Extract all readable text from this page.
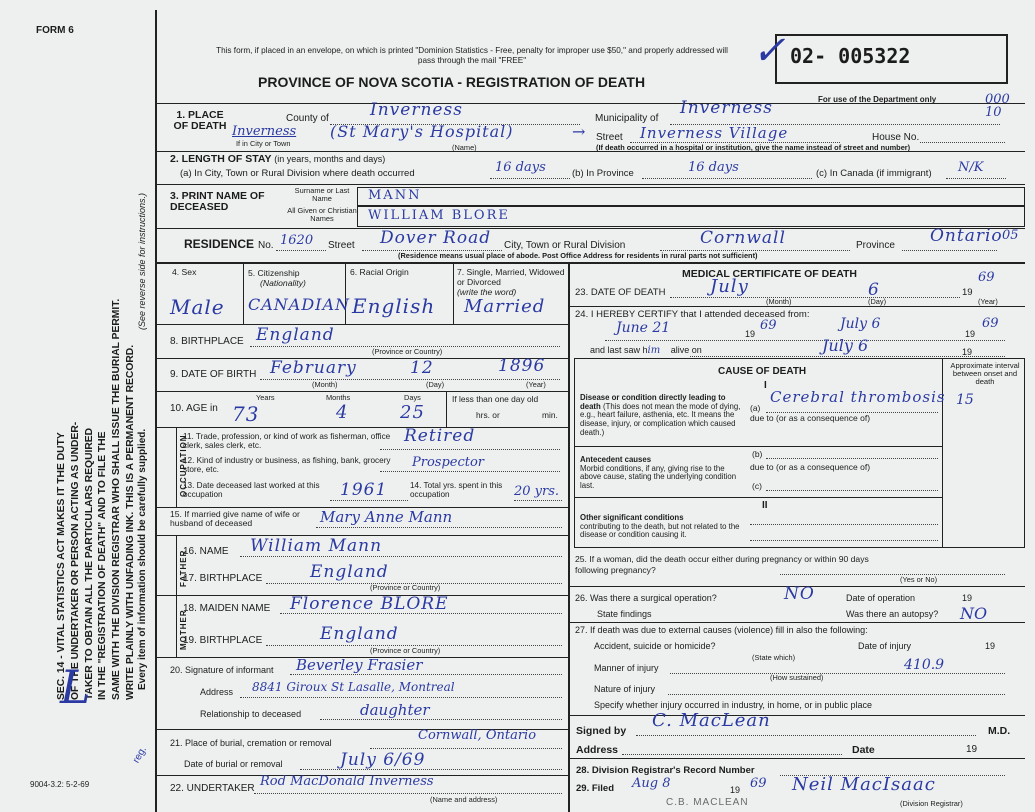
FORM 6
This form, if placed in an envelope, on which is printed "Dominion Statistics - Free, penalty for improper use $50," and properly addressed will pass through the mail "FREE"
PROVINCE OF NOVA SCOTIA - REGISTRATION OF DEATH
✓ 02- 005322
For use of the Department only	000 10
SEC. 14 - VITAL STATISTICS ACT MAKES IT THE DUTY OF THE UNDERTAKER OR PERSON ACTING AS UNDER- TAKER TO OBTAIN ALL THE PARTICULARS REQUIRED IN THE "REGISTRATION OF DEATH" AND TO FILE THE SAME WITH THE DIVISION REGISTRAR WHO SHALL ISSUE THE BURIAL PERMIT. WRITE PLAINLY WITH UNFADING INK. THIS IS A PERMANENT RECORD.
(See reverse side for instructions.)
Every item of information should be carefully supplied.
L
9004-3.2: 5-2-69
1. PLACE OF DEATH
County of Inverness	Municipality of
Inverness
Inverness (St Mary's Hospital)
If in City or Town	(Name)
→ Street Inverness Village	House No.
(If death occurred in a hospital or institution, give the name instead of street and number)
2. LENGTH OF STAY (in years, months and days)
(a) In City, Town or Rural Division where death occurred	16 days	(b) In Province	16 days	(c) In Canada (if immigrant) N/K
3. PRINT NAME OF DECEASED
Surname or Last Name
All Given or Christian Names
MANN
WILLIAM BLORE
RESIDENCE No. 1620 Street Dover Road City, Town or Rural Division	Cornwall	Province Ontario 05
(Residence means usual place of abode. Post Office Address for residents in rural parts not sufficient)
4. Sex	5. Citizenship
(Nationality)
6. Racial Origin	7. Single, Married, Widowed or Divorced
(write the word)
Male CANADIAN English Married
8. BIRTHPLACE England
(Province or Country)
9. DATE OF BIRTH February	12	1896
(Month)	(Day)	(Year)
10. AGE in
Years	Months	Days
73	4	25
If less than one day old
hrs. or	min.
OCCUPATION
11. Trade, profession, or kind of work as fisherman, office clerk, sales clerk, etc.	Retired
12. Kind of industry or business, as fishing, bank, grocery store, etc.	Prospector
13. Date deceased last worked at this occupation	1961	14. Total yrs. spent in this occupation	20 yrs.
15. If married give name of wife or husband of deceased	Mary Anne Mann
FATHER
16. NAME William Mann
17. BIRTHPLACE	England
(Province or Country)
MOTHER
18. MAIDEN NAME Florence BLORE
19. BIRTHPLACE	England
(Province or Country)
20. Signature of informant Beverley Frasier
Address 8841 Giroux St Lasalle, Montreal
Relationship to deceased	daughter
21. Place of burial, cremation or removal	Cornwall, Ontario
Date of burial or removal	July 6/69
reg.
22. UNDERTAKER Rod MacDonald Inverness
(Name and address)
MEDICAL CERTIFICATE OF DEATH
23. DATE OF DEATH July	6	19
69
(Month)	(Day)	(Year)
24. I HEREBY CERTIFY that I attended deceased from:
June 21	19
69	July 6
19
69
and last saw him alive on	July 6	19
CAUSE OF DEATH
Approximate interval between onset and death
I
Disease or condition directly leading to death (This does not mean the mode of dying, e.g., heart failure, asthenia, etc. It means the disease, injury, or complication which caused death.)
(a)
Cerebral thrombosis 15
due to (or as a consequence of)
Antecedent causes
Morbid conditions, if any, giving rise to the above cause, stating the underlying condition last.
(b)
due to (or as a consequence of)
(c)
II
Other significant conditions
contributing to the death, but not related to the disease or condition causing it.
25. If a woman, did the death occur either during pregnancy or within 90 days following pregnancy?
(Yes or No)
26. Was there a surgical operation?	NO	Date of operation	19
State findings	Was there an autopsy? NO
27. If death was due to external causes (violence) fill in also the following:
Accident, suicide or homicide?
(State which)
Date of injury	19
Manner of injury	410.9
(How sustained)
Nature of injury
Specify whether injury occurred in industry, in home, or in public place
Signed by C. MacLean	M.D.
Address	Date	19
28. Division Registrar's Record Number
29. Filed Aug 8	19 69 Neil MacIsaac
(Division Registrar)
C.B. MACLEAN
